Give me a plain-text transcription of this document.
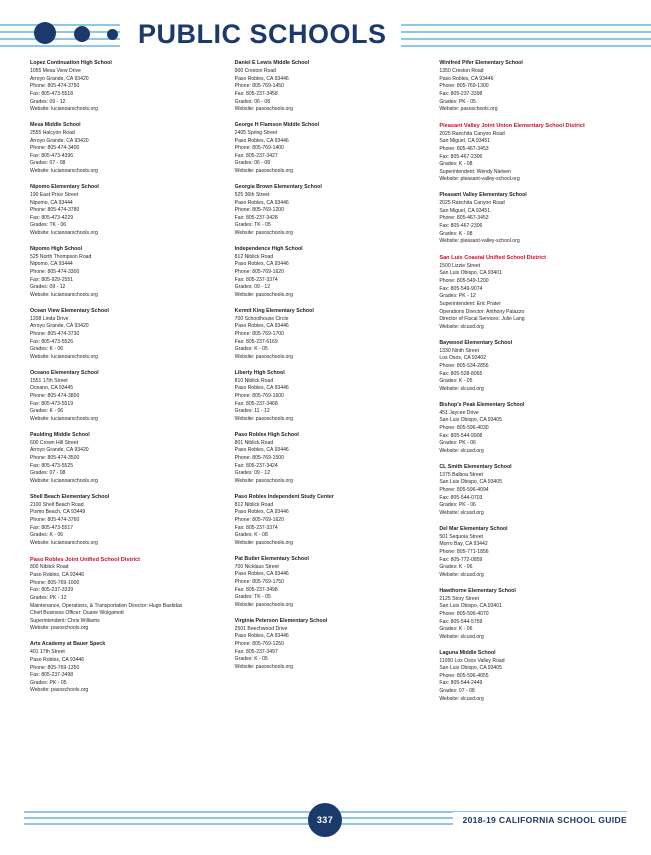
PUBLIC SCHOOLS
Lopez Continuation High School
1055 Mesa View Drive
Arroyo Grande, CA 93420
Phone: 805-474-3750
Fax: 805-473-5518
Grades: 09 - 12
Website: lucianoarschools.org
Mesa Middle School
2555 Halcyon Road
Arroyo Grande, CA 93420
Phone: 805-474-3400
Fax: 805-473-4396
Grades: 07 - 08
Website: lucianoarschools.org
Nipomo Elementary School
190 East Price Street
Nipomo, CA 93444
Phone: 805-474-3780
Fax: 805-473-4229
Grades: TK - 06
Website: lucianoarschools.org
Nipomo High School
525 North Thompson Road
Nipomo, CA 93444
Phone: 805-474-3300
Fax: 805-929-2551
Grades: 09 - 12
Website: lucianoarschools.org
Ocean View Elementary School
1208 Linda Drive
Arroyo Grande, CA 93420
Phone: 805-474-3730
Fax: 805-473-5526
Grades: K - 06
Website: lucianoarschools.org
Oceano Elementary School
1551 17th Street
Oceano, CA 93445
Phone: 805-474-3800
Fax: 805-473-5519
Grades: K - 06
Website: lucianoarschools.org
Paulding Middle School
600 Crown Hill Street
Arroyo Grande, CA 93420
Phone: 805-474-3500
Fax: 805-473-5525
Grades: 07 - 08
Website: lucianoarschools.org
Shell Beach Elementary School
2100 Shell Beach Road
Pismo Beach, CA 93449
Phone: 805-474-3760
Fax: 805-473-5517
Grades: K - 06
Website: lucianoarschools.org
Paso Robles Joint Unified School District
800 Niblick Road
Paso Robles, CA 93446
Phone: 805-769-1000
Fax: 805-237-3339
Grades: PK - 12
Maintenance, Operations, & Transportation Director: Hugo Bastidas
Chief Business Officer: Duane Wolgamott
Superintendent: Chris Williams
Website: pasoschools.org
Arts Academy at Bauer Speck
401 17th Street
Paso Robles, CA 93446
Phone: 805-769-1350
Fax: 805-237-3498
Grades: PK - 05
Website: pasoschools.org
Daniel E Lewis Middle School
900 Creston Road
Paso Robles, CA 93446
Phone: 805-769-1450
Fax: 805-237-3458
Grades: 06 - 08
Website: pasoschools.org
George H Flamson Middle School
2405 Spring Street
Paso Robles, CA 93446
Phone: 805-769-1400
Fax: 805-237-3427
Grades: 06 - 08
Website: pasoschools.org
Georgia Brown Elementary School
525 36th Street
Paso Robles, CA 93446
Phone: 805-769-1200
Fax: 805-237-3428
Grades: TK - 05
Website: pasoschools.org
Independence High School
812 Niblick Road
Paso Robles, CA 93446
Phone: 805-769-1620
Fax: 805-237-3374
Grades: 09 - 12
Website: pasoschools.org
Kermit King Elementary School
700 Schoolhouse Circle
Paso Robles, CA 93446
Phone: 805-769-1700
Fax: 805-237-6169
Grades: K - 05
Website: pasoschools.org
Liberty High School
810 Niblick Road
Paso Robles, CA 93446
Phone: 805-769-1600
Fax: 805-237-3468
Grades: 11 - 12
Website: pasoschools.org
Paso Robles High School
801 Niblick Road
Paso Robles, CA 93446
Phone: 805-769-1500
Fax: 805-237-3424
Grades: 09 - 12
Website: pasoschools.org
Paso Robles Independent Study Center
812 Niblick Road
Paso Robles, CA 93446
Phone: 805-769-1620
Fax: 805-237-3374
Grades: K - 08
Website: pasoschools.org
Pat Butler Elementary School
700 Nicklaus Street
Paso Robles, CA 93446
Phone: 805-769-1750
Fax: 805-237-3498
Grades: TK - 05
Website: pasoschools.org
Virginia Peterson Elementary School
2501 Beechwood Drive
Paso Robles, CA 93446
Phone: 805-769-1250
Fax: 805-237-3497
Grades: K - 05
Website: pasoschools.org
Winifred Pifer Elementary School
1350 Creston Road
Paso Robles, CA 93446
Phone: 805-769-1300
Fax: 805-237-3398
Grades: PK - 05
Website: pasoschools.org
Pleasant Valley Joint Union Elementary School District
2025 Ranchita Canyon Road
San Miguel, CA 93451
Phone: 805-467-3453
Fax: 805-467-2306
Grades: K - 08
Superintendent: Wendy Nielsen
Website: pleasant-valley-school.org
Pleasant Valley Elementary School
2025 Ranchita Canyon Road
San Miguel, CA 93451
Phone: 805-467-3453
Fax: 805-467-2306
Grades: K - 08
Website: pleasant-valley-school.org
San Luis Coastal Unified School District
1500 Lizzie Street
San Luis Obispo, CA 93401
Phone: 805-549-1200
Fax: 805-549-9074
Grades: PK - 12
Superintendent: Eric Prater
Operations Director: Anthony Palazzo
Director of Fiscal Services: Julie Lang
Website: slcusd.org
Baywood Elementary School
1330 Ninth Street
Los Osos, CA 93402
Phone: 805-534-2856
Fax: 805-528-8065
Grades: K - 05
Website: slcusd.org
Bishop's Peak Elementary School
451 Jaycee Drive
San Luis Obispo, CA 93405
Phone: 805-596-4030
Fax: 805-544-9908
Grades: PK - 06
Website: slcusd.org
CL Smith Elementary School
1375 Balboa Street
San Luis Obispo, CA 93405
Phone: 805-596-4094
Fax: 805-544-0703
Grades: PK - 06
Website: slcusd.org
Del Mar Elementary School
501 Sequoia Street
Morro Bay, CA 93442
Phone: 805-771-1856
Fax: 805-772-0859
Grades: K - 06
Website: slcusd.org
Hawthorne Elementary School
2125 Story Street
San Luis Obispo, CA 93401
Phone: 805-596-4070
Fax: 805-544-5759
Grades: K - 06
Website: slcusd.org
Laguna Middle School
11050 Los Osos Valley Road
San Luis Obispo, CA 93405
Phone: 805-596-4055
Fax: 805-544-2449
Grades: 07 - 08
Website: slcusd.org
337	2018-19 CALIFORNIA SCHOOL GUIDE
